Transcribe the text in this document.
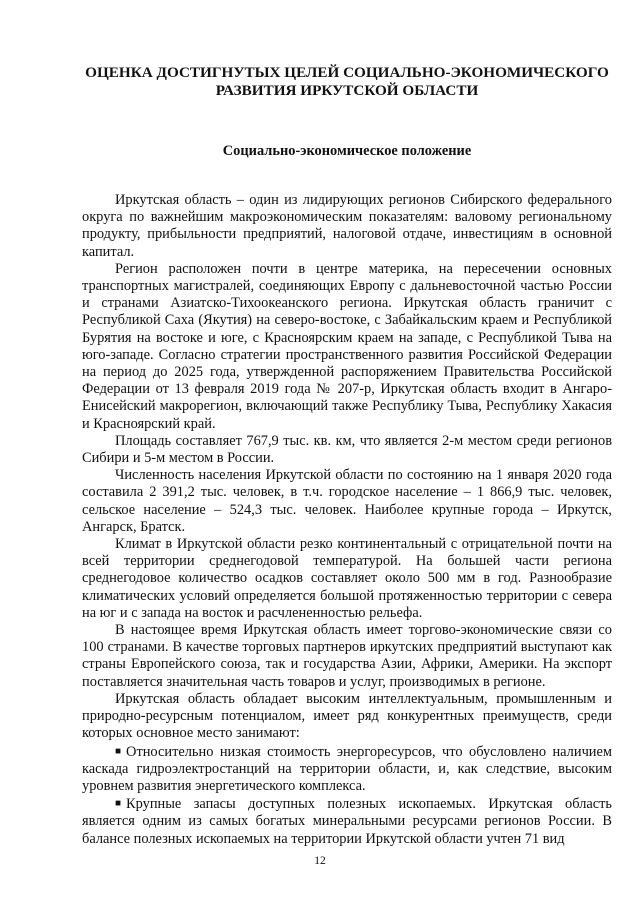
ОЦЕНКА ДОСТИГНУТЫХ ЦЕЛЕЙ СОЦИАЛЬНО-ЭКОНОМИЧЕСКОГО РАЗВИТИЯ ИРКУТСКОЙ ОБЛАСТИ
Социально-экономическое положение

Иркутская область – один из лидирующих регионов Сибирского федерального округа по важнейшим макроэкономическим показателям: валовому региональному продукту, прибыльности предприятий, налоговой отдаче, инвестициям в основной капитал.

Регион расположен почти в центре материка, на пересечении основных транспортных магистралей, соединяющих Европу с дальневосточной частью России и странами Азиатско-Тихоокеанского региона. Иркутская область граничит с Республикой Саха (Якутия) на северо-востоке, с Забайкальским краем и Республикой Бурятия на востоке и юге, с Красноярским краем на западе, с Республикой Тыва на юго-западе. Согласно стратегии пространственного развития Российской Федерации на период до 2025 года, утвержденной распоряжением Правительства Российской Федерации от 13 февраля 2019 года № 207-р, Иркутская область входит в Ангаро-Енисейский макрорегион, включающий также Республику Тыва, Республику Хакасия и Красноярский край.

Площадь составляет 767,9 тыс. кв. км, что является 2-м местом среди регионов Сибири и 5-м местом в России.

Численность населения Иркутской области по состоянию на 1 января 2020 года составила 2 391,2 тыс. человек, в т.ч. городское население – 1 866,9 тыс. человек, сельское население – 524,3 тыс. человек. Наиболее крупные города – Иркутск, Ангарск, Братск.

Климат в Иркутской области резко континентальный с отрицательной почти на всей территории среднегодовой температурой. На большей части региона среднегодовое количество осадков составляет около 500 мм в год. Разнообразие климатических условий определяется большой протяженностью территории с севера на юг и с запада на восток и расчлененностью рельефа.

В настоящее время Иркутская область имеет торгово-экономические связи со 100 странами. В качестве торговых партнеров иркутских предприятий выступают как страны Европейского союза, так и государства Азии, Африки, Америки. На экспорт поставляется значительная часть товаров и услуг, производимых в регионе.

Иркутская область обладает высоким интеллектуальным, промышленным и природно-ресурсным потенциалом, имеет ряд конкурентных преимуществ, среди которых основное место занимают:

■ Относительно низкая стоимость энергоресурсов, что обусловлено наличием каскада гидроэлектростанций на территории области, и, как следствие, высоким уровнем развития энергетического комплекса.

■ Крупные запасы доступных полезных ископаемых. Иркутская область является одним из самых богатых минеральными ресурсами регионов России. В балансе полезных ископаемых на территории Иркутской области учтен 71 вид

12
